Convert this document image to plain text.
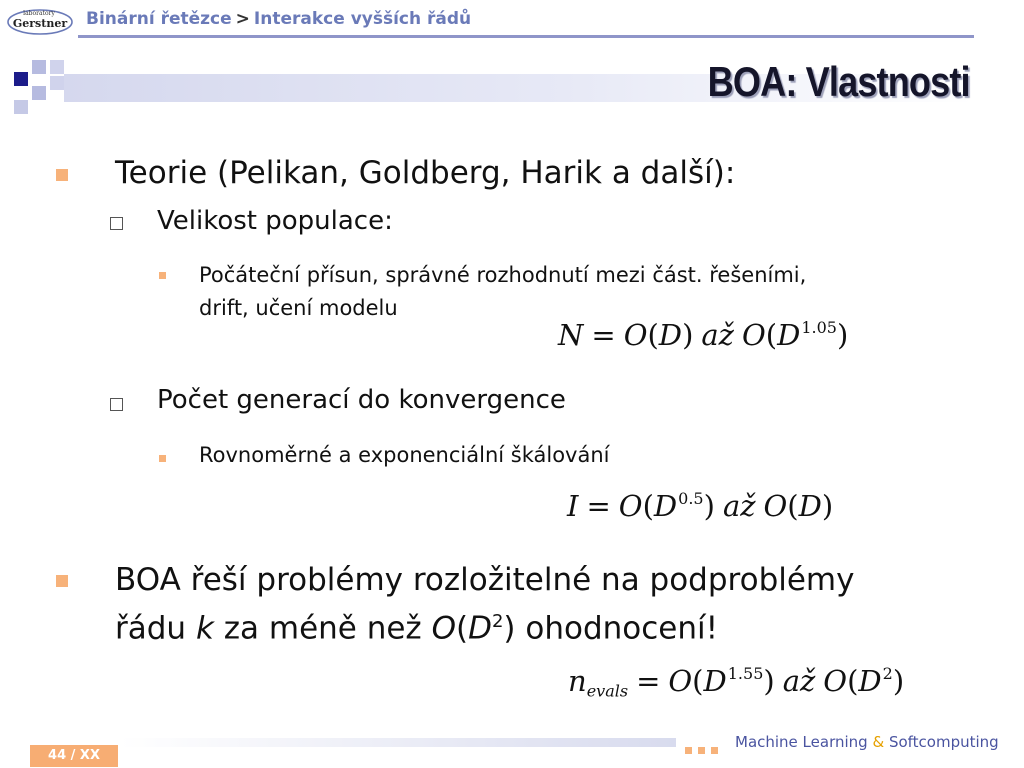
laboratory
Gerstner Binární řetězce > Interakce vyšších řádů
BOA: Vlastnosti
Teorie (Pelikan, Goldberg, Harik a další):
Velikost populace:
Počáteční přísun, správné rozhodnutí mezi část. řešeními,
drift, učení modelu
N = O(D) až $O(D^{1.05})$
Počet generací do konvergence
Rovnoměrné a exponenciální škálování
$I = O(D^{0.5})$ až O(D)
BOA řeší problémy rozložitelné na podproblémy
řádu k za méně než $O(D^2)$ ohodnocení!
$n_{evals} = O(D^{1.55})$ až $O(D^2)$
44 / XX
Machine Learning & Softcomputing
